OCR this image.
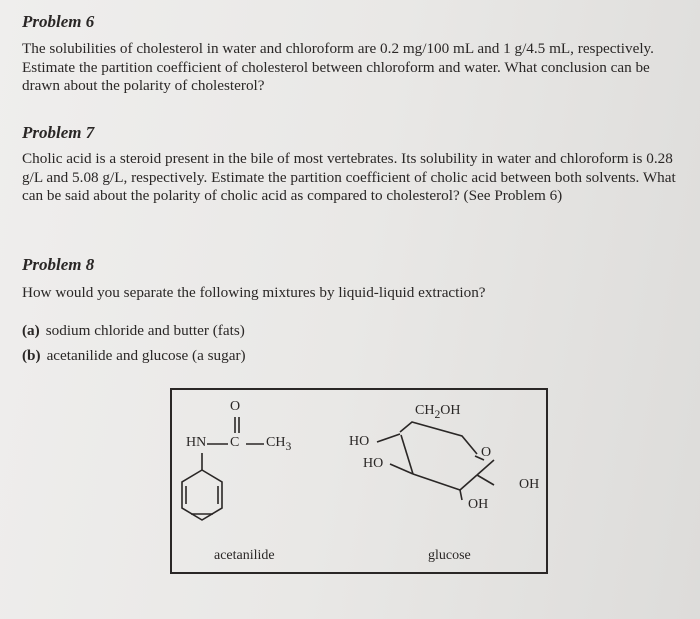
Problem 6

The solubilities of cholesterol in water and chloroform are 0.2 mg/100 mL and 1 g/4.5 mL, respectively. Estimate the partition coefficient of cholesterol between chloroform and water. What conclusion can be drawn about the polarity of cholesterol?

Problem 7

Cholic acid is a steroid present in the bile of most vertebrates. Its solubility in water and chloroform is 0.28 g/L and 5.08 g/L, respectively. Estimate the partition coefficient of cholic acid between both solvents. What can be said about the polarity of cholic acid as compared to cholesterol? (See Problem 6)

Problem 8

How would you separate the following mixtures by liquid-liquid extraction?

(a) sodium chloride and butter (fats)
(b) acetanilide and glucose (a sugar)
O
HN C $CH_3$
acetanilide
$CH_2OH$
HO
HO
O
OH
OH
glucose
